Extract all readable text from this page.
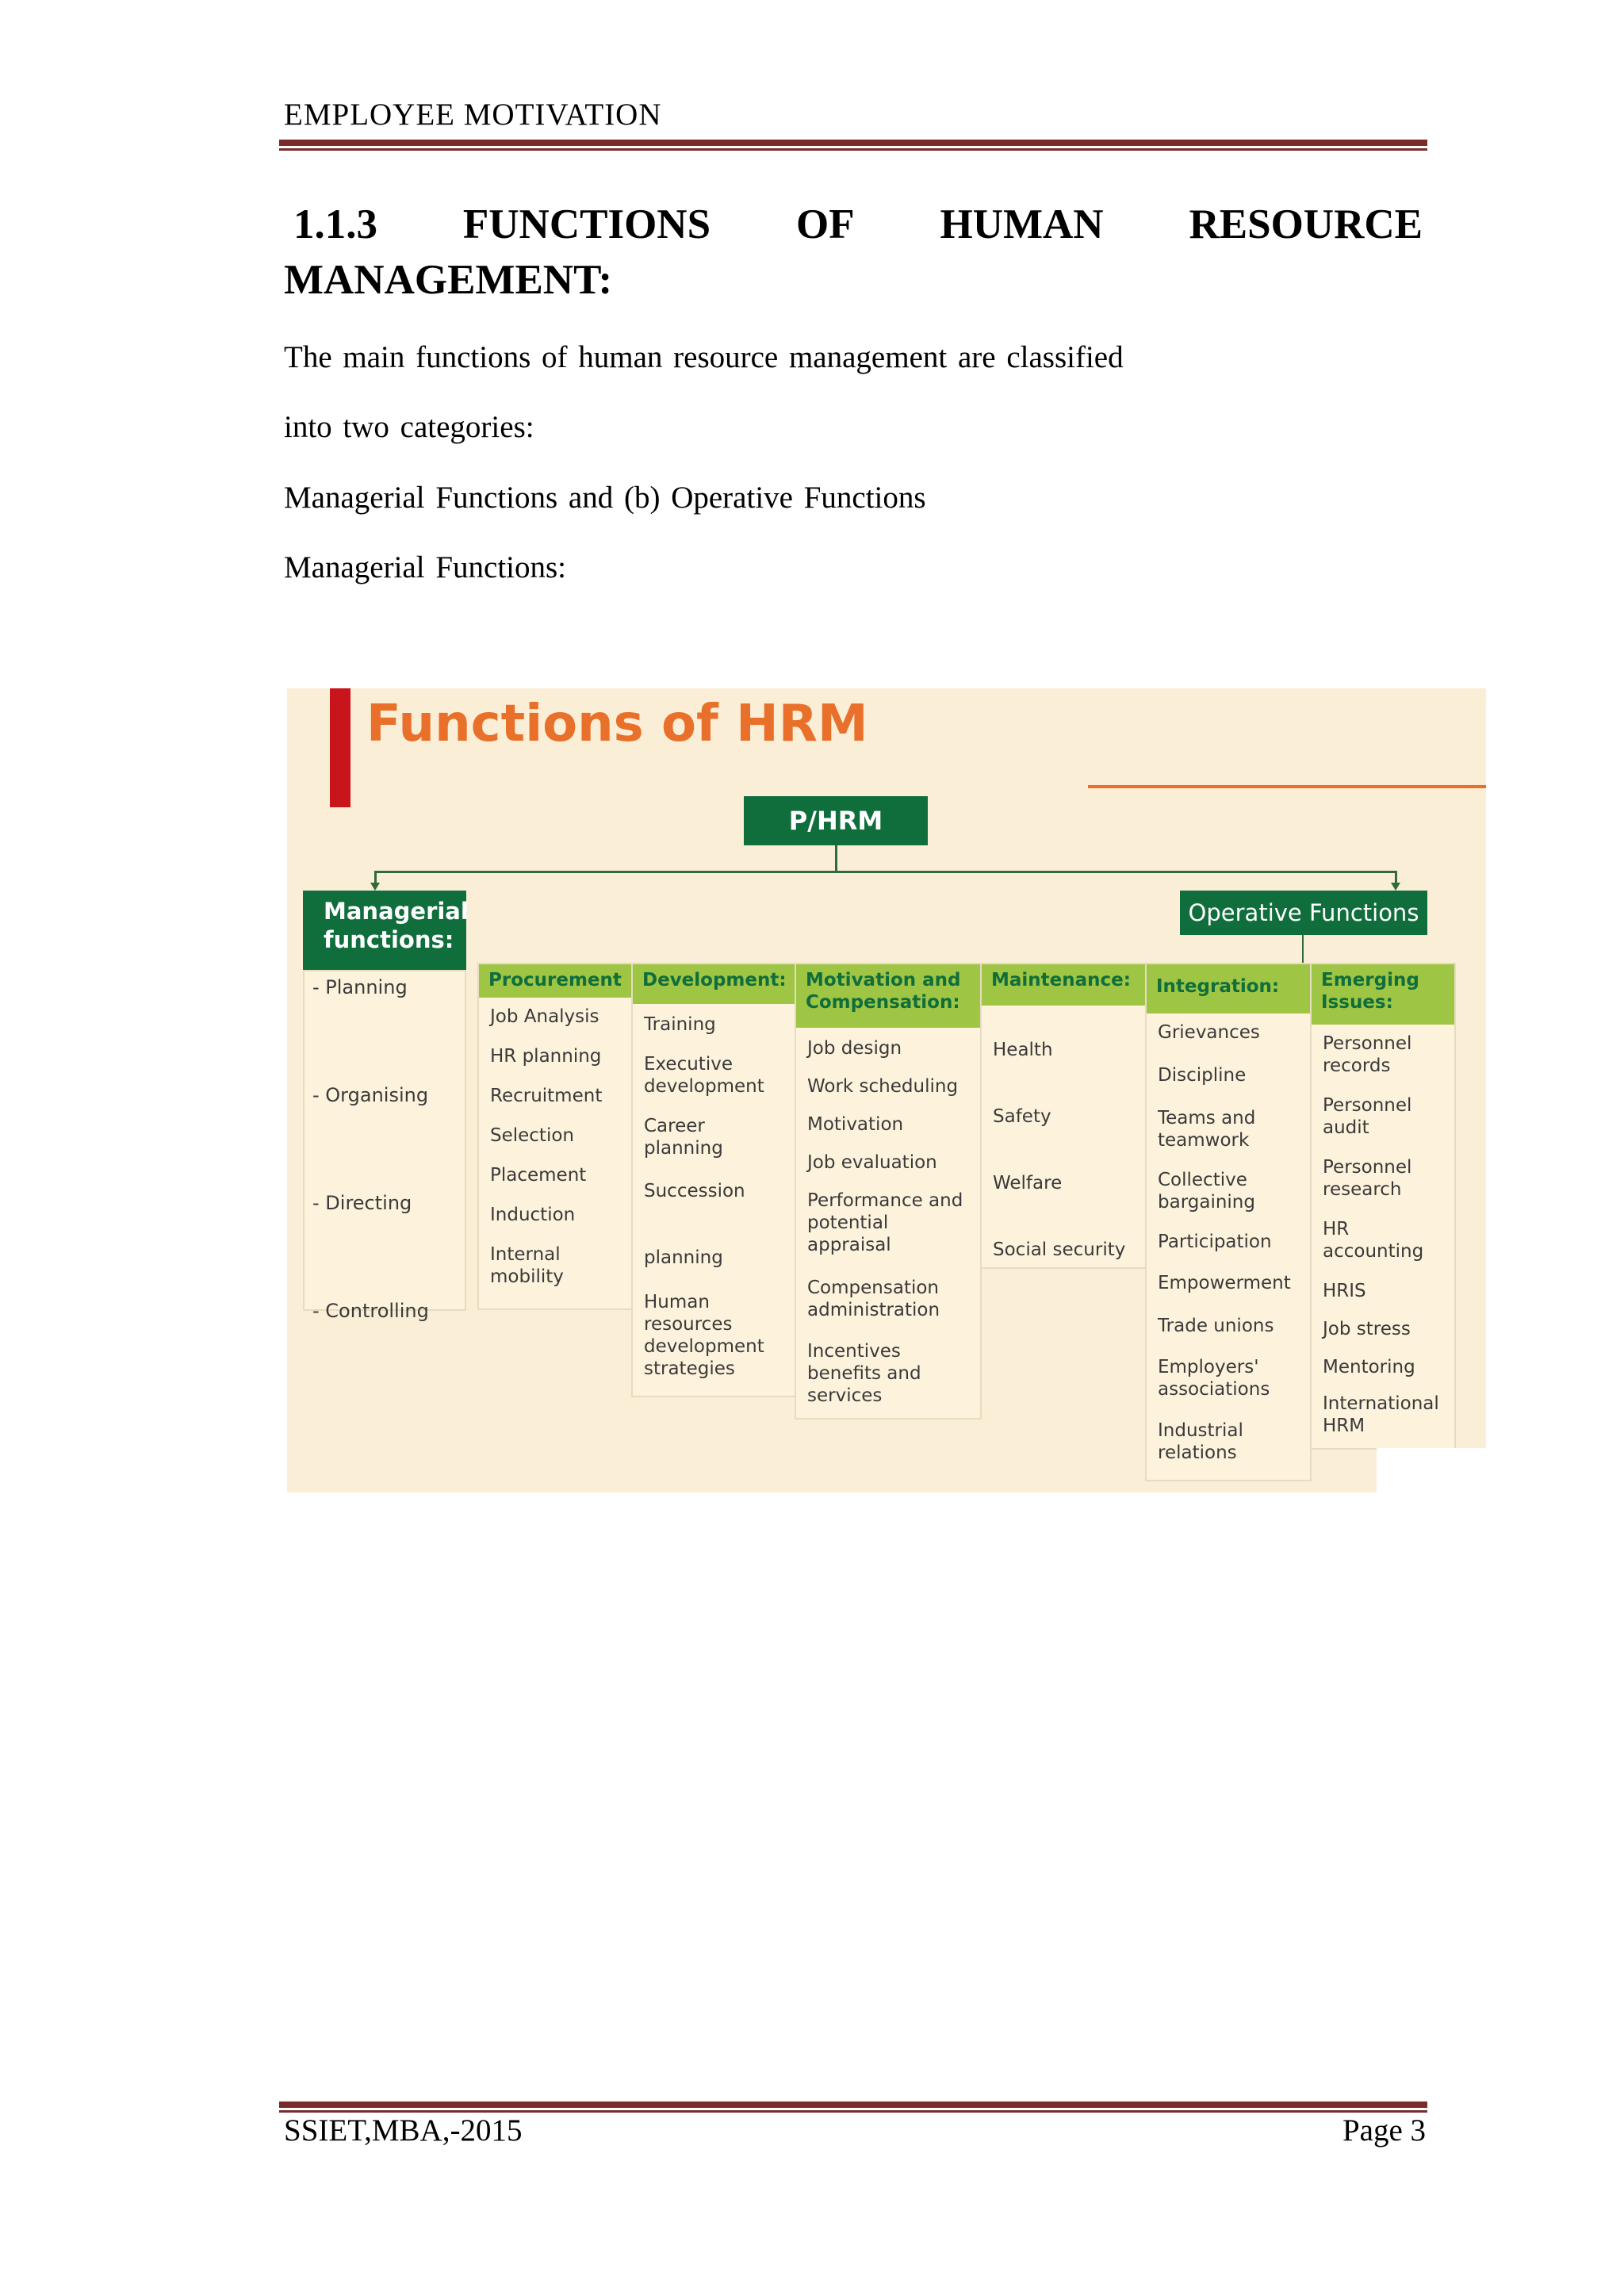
EMPLOYEE MOTIVATION
1.1.3 FUNCTIONS OF HUMAN RESOURCE
MANAGEMENT:
The main functions of human resource management are classified
into two categories:
Managerial Functions and (b) Operative Functions
Managerial Functions:
Functions of HRM
P/HRM
Managerial
functions:
- Planning
- Organising
- Directing
- Controlling
Operative Functions
Procurement
Job Analysis
HR planning
Recruitment
Selection
Placement
Induction
Internal mobility
Development:
Training
Executive development
Career planning
Succession
planning
Human resources development strategies
Motivation and Compensation:
Job design
Work scheduling
Motivation
Job evaluation
Performance and potential appraisal
Compensation administration
Incentives benefits and services
Maintenance:
Health
Safety
Welfare
Social security
Integration:
Grievances
Discipline
Teams and teamwork
Collective bargaining
Participation
Empowerment
Trade unions
Employers' associations
Industrial relations
Emerging Issues:
Personnel records
Personnel audit
Personnel research
HR accounting
HRIS
Job stress
Mentoring
International HRM
SSIET,MBA,-2015	Page 3
